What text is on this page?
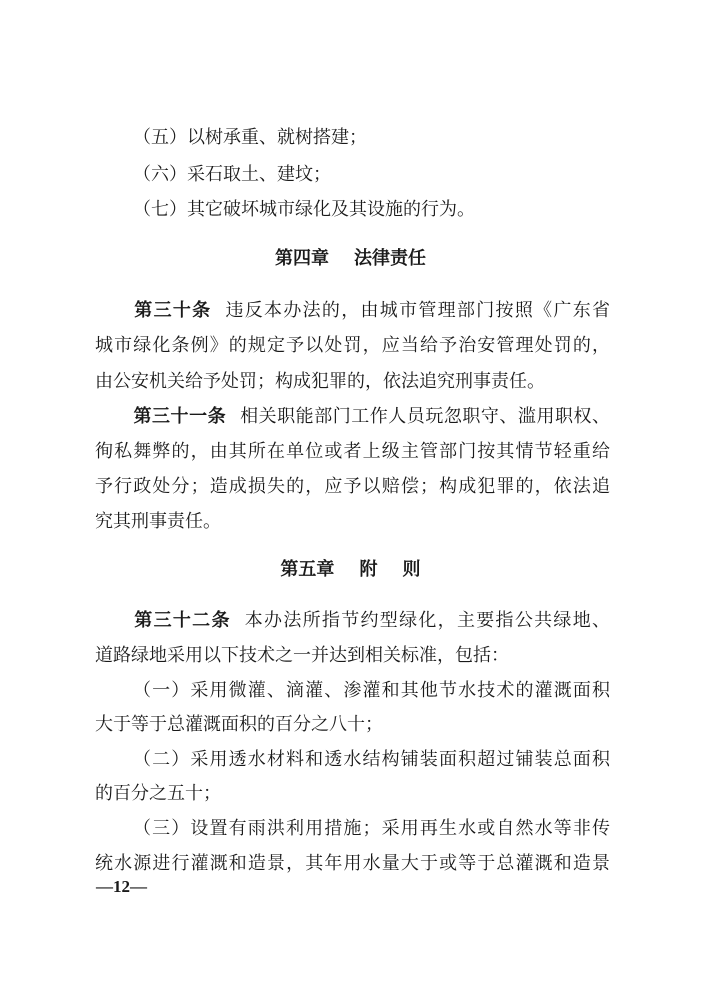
（五）以树承重、就树搭建；
（六）采石取土、建坟；
（七）其它破坏城市绿化及其设施的行为。
第四章    法律责任
第三十条 违反本办法的，由城市管理部门按照《广东省
城市绿化条例》的规定予以处罚，应当给予治安管理处罚的，
由公安机关给予处罚；构成犯罪的，依法追究刑事责任。
第三十一条 相关职能部门工作人员玩忽职守、滥用职权、
徇私舞弊的，由其所在单位或者上级主管部门按其情节轻重给
予行政处分；造成损失的，应予以赔偿；构成犯罪的，依法追
究其刑事责任。
第五章    附    则
第三十二条 本办法所指节约型绿化，主要指公共绿地、
道路绿地采用以下技术之一并达到相关标准，包括：
（一）采用微灌、滴灌、渗灌和其他节水技术的灌溉面积
大于等于总灌溉面积的百分之八十；
（二）采用透水材料和透水结构铺装面积超过铺装总面积
的百分之五十；
（三）设置有雨洪利用措施；采用再生水或自然水等非传
统水源进行灌溉和造景，其年用水量大于或等于总灌溉和造景
—12—
